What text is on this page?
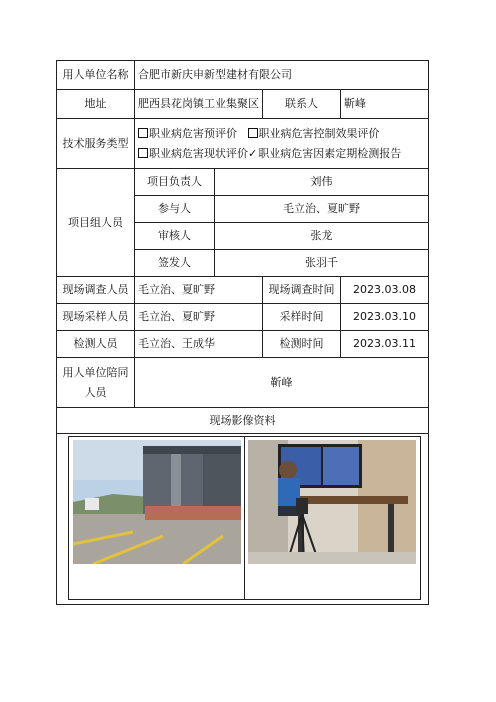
用人单位名称	合肥市新庆申新型建材有限公司			
地址	肥西县花岗镇工业集聚区		联系人	靳峰
技术服务类型	职业病危害预评价 职业病危害控制效果评价
职业病危害现状评价✓职业病危害因素定期检测报告			

项目组人员	项目负责人	刘伟		
	参与人	毛立治、夏旷野		
	审核人	张龙		
	签发人	张羽千		
现场调查人员	毛立治、夏旷野		现场调查时间	2023.03.08
现场采样人员	毛立治、夏旷野		采样时间	2023.03.10
检测人员	毛立治、王成华		检测时间	2023.03.11
用人单位陪同人员	靳峰			
现场影像资料				
